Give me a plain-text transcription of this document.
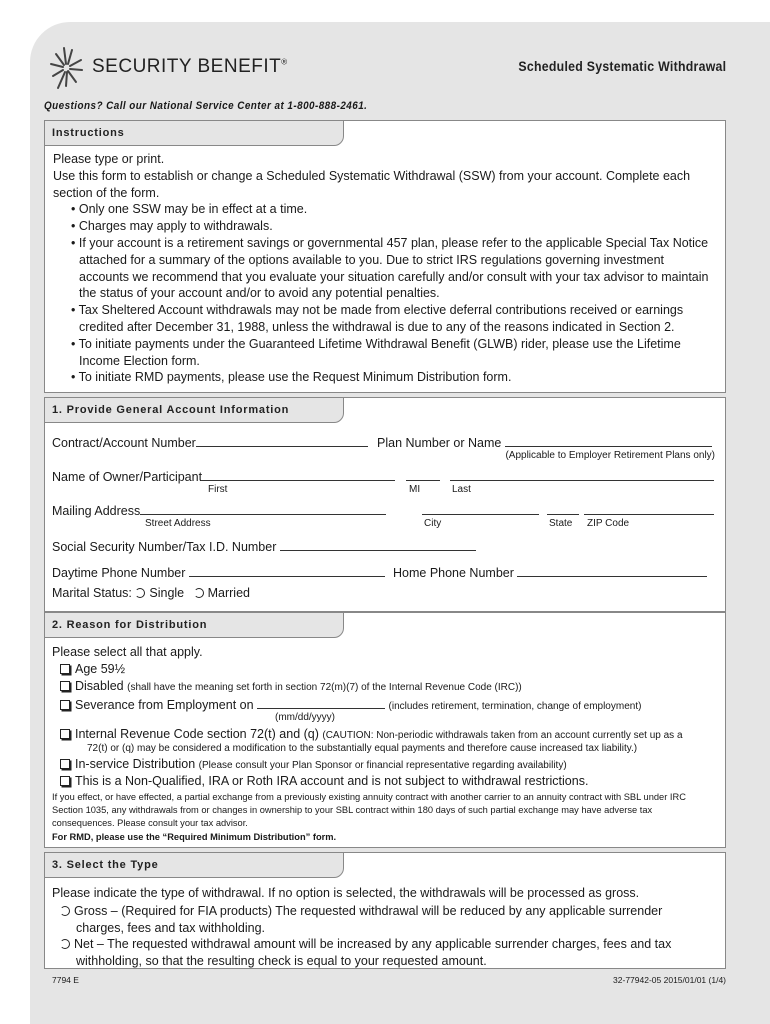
SECURITY BENEFIT®	Scheduled Systematic Withdrawal
Questions? Call our National Service Center at 1-800-888-2461.
Instructions
Please type or print.
Use this form to establish or change a Scheduled Systematic Withdrawal (SSW) from your account. Complete each section of the form.
• Only one SSW may be in effect at a time.
• Charges may apply to withdrawals.
• If your account is a retirement savings or governmental 457 plan, please refer to the applicable Special Tax Notice attached for a summary of the options available to you. Due to strict IRS regulations governing investment accounts we recommend that you evaluate your situation carefully and/or consult with your tax advisor to maintain the status of your account and/or to avoid any potential penalties.
• Tax Sheltered Account withdrawals may not be made from elective deferral contributions received or earnings credited after December 31, 1988, unless the withdrawal is due to any of the reasons indicated in Section 2.
• To initiate payments under the Guaranteed Lifetime Withdrawal Benefit (GLWB) rider, please use the Lifetime Income Election form.
• To initiate RMD payments, please use the Request Minimum Distribution form.
1. Provide General Account Information
Contract/Account Number	Plan Number or Name
(Applicable to Employer Retirement Plans only)
Name of Owner/Participant
First	MI	Last
Mailing Address
Street Address	City	State ZIP Code
Social Security Number/Tax I.D. Number
Daytime Phone Number	Home Phone Number
Marital Status: Single Married
2. Reason for Distribution
Please select all that apply.
Age 59½
Disabled (shall have the meaning set forth in section 72(m)(7) of the Internal Revenue Code (IRC))
Severance from Employment on	(includes retirement, termination, change of employment)
(mm/dd/yyyy)
Internal Revenue Code section 72(t) and (q) (CAUTION: Non-periodic withdrawals taken from an account currently set up as a
72(t) or (q) may be considered a modification to the substantially equal payments and therefore cause increased tax liability.)
In-service Distribution (Please consult your Plan Sponsor or financial representative regarding availability)
This is a Non-Qualified, IRA or Roth IRA account and is not subject to withdrawal restrictions.
If you effect, or have effected, a partial exchange from a previously existing annuity contract with another carrier to an annuity contract with SBL under IRC Section 1035, any withdrawals from or changes in ownership to your SBL contract within 180 days of such partial exchange may have adverse tax consequences. Please consult your tax advisor.
For RMD, please use the “Required Minimum Distribution” form.
3. Select the Type
Please indicate the type of withdrawal. If no option is selected, the withdrawals will be processed as gross.
Gross – (Required for FIA products) The requested withdrawal will be reduced by any applicable surrender charges, fees and tax withholding.
Net – The requested withdrawal amount will be increased by any applicable surrender charges, fees and tax withholding, so that the resulting check is equal to your requested amount.
7794 E	32-77942-05 2015/01/01 (1/4)
